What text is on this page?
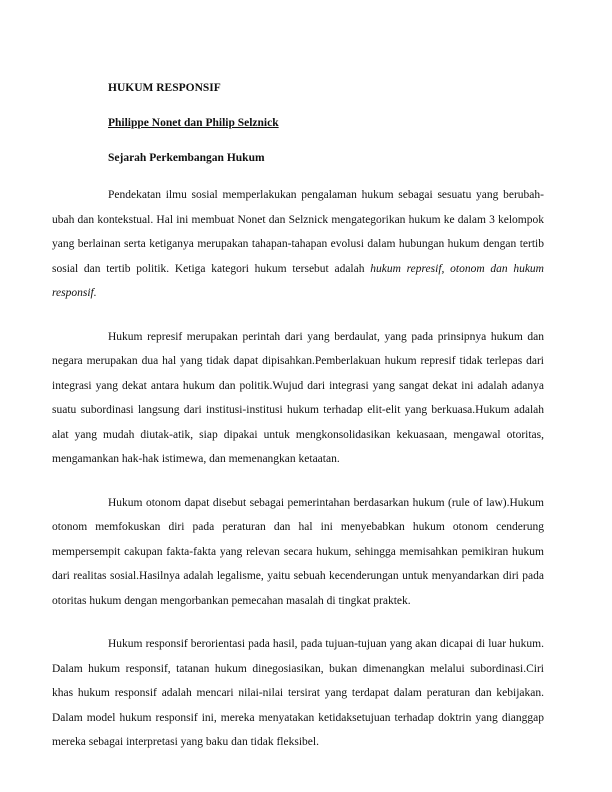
HUKUM RESPONSIF

Philippe Nonet dan Philip Selznick

Sejarah Perkembangan Hukum

Pendekatan ilmu sosial memperlakukan pengalaman hukum sebagai sesuatu yang berubah-ubah dan kontekstual. Hal ini membuat Nonet dan Selznick mengategorikan hukum ke dalam 3 kelompok yang berlainan serta ketiganya merupakan tahapan-tahapan evolusi dalam hubungan hukum dengan tertib sosial dan tertib politik. Ketiga kategori hukum tersebut adalah hukum represif, otonom dan hukum responsif.

Hukum represif merupakan perintah dari yang berdaulat, yang pada prinsipnya hukum dan negara merupakan dua hal yang tidak dapat dipisahkan.Pemberlakuan hukum represif tidak terlepas dari integrasi yang dekat antara hukum dan politik.Wujud dari integrasi yang sangat dekat ini adalah adanya suatu subordinasi langsung dari institusi-institusi hukum terhadap elit-elit yang berkuasa.Hukum adalah alat yang mudah diutak-atik, siap dipakai untuk mengkonsolidasikan kekuasaan, mengawal otoritas, mengamankan hak-hak istimewa, dan memenangkan ketaatan.

Hukum otonom dapat disebut sebagai pemerintahan berdasarkan hukum (rule of law).Hukum otonom memfokuskan diri pada peraturan dan hal ini menyebabkan hukum otonom cenderung mempersempit cakupan fakta-fakta yang relevan secara hukum, sehingga memisahkan pemikiran hukum dari realitas sosial.Hasilnya adalah legalisme, yaitu sebuah kecenderungan untuk menyandarkan diri pada otoritas hukum dengan mengorbankan pemecahan masalah di tingkat praktek.

Hukum responsif berorientasi pada hasil, pada tujuan-tujuan yang akan dicapai di luar hukum. Dalam hukum responsif, tatanan hukum dinegosiasikan, bukan dimenangkan melalui subordinasi.Ciri khas hukum responsif adalah mencari nilai-nilai tersirat yang terdapat dalam peraturan dan kebijakan. Dalam model hukum responsif ini, mereka menyatakan ketidaksetujuan terhadap doktrin yang dianggap mereka sebagai interpretasi yang baku dan tidak fleksibel.
